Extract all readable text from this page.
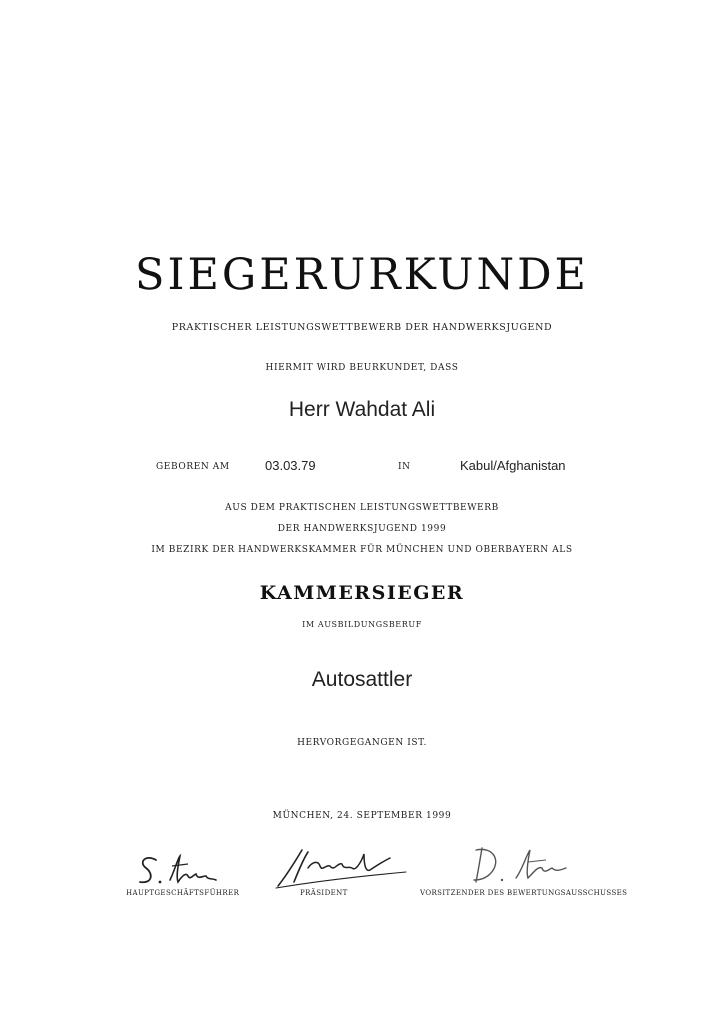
SIEGERURKUNDE
PRAKTISCHER LEISTUNGSWETTBEWERB DER HANDWERKSJUGEND
HIERMIT WIRD BEURKUNDET, DASS
Herr Wahdat Ali
GEBOREN AM	03.03.79	IN	Kabul/Afghanistan
AUS DEM PRAKTISCHEN LEISTUNGSWETTBEWERB
DER HANDWERKSJUGEND 1999
IM BEZIRK DER HANDWERKSKAMMER FÜR MÜNCHEN UND OBERBAYERN ALS
KAMMERSIEGER
IM AUSBILDUNGSBERUF
Autosattler
HERVORGEGANGEN IST.
MÜNCHEN, 24. SEPTEMBER 1999
HAUPTGESCHÄFTSFÜHRER	PRÄSIDENT	VORSITZENDER DES BEWERTUNGSAUSSCHUSSES
